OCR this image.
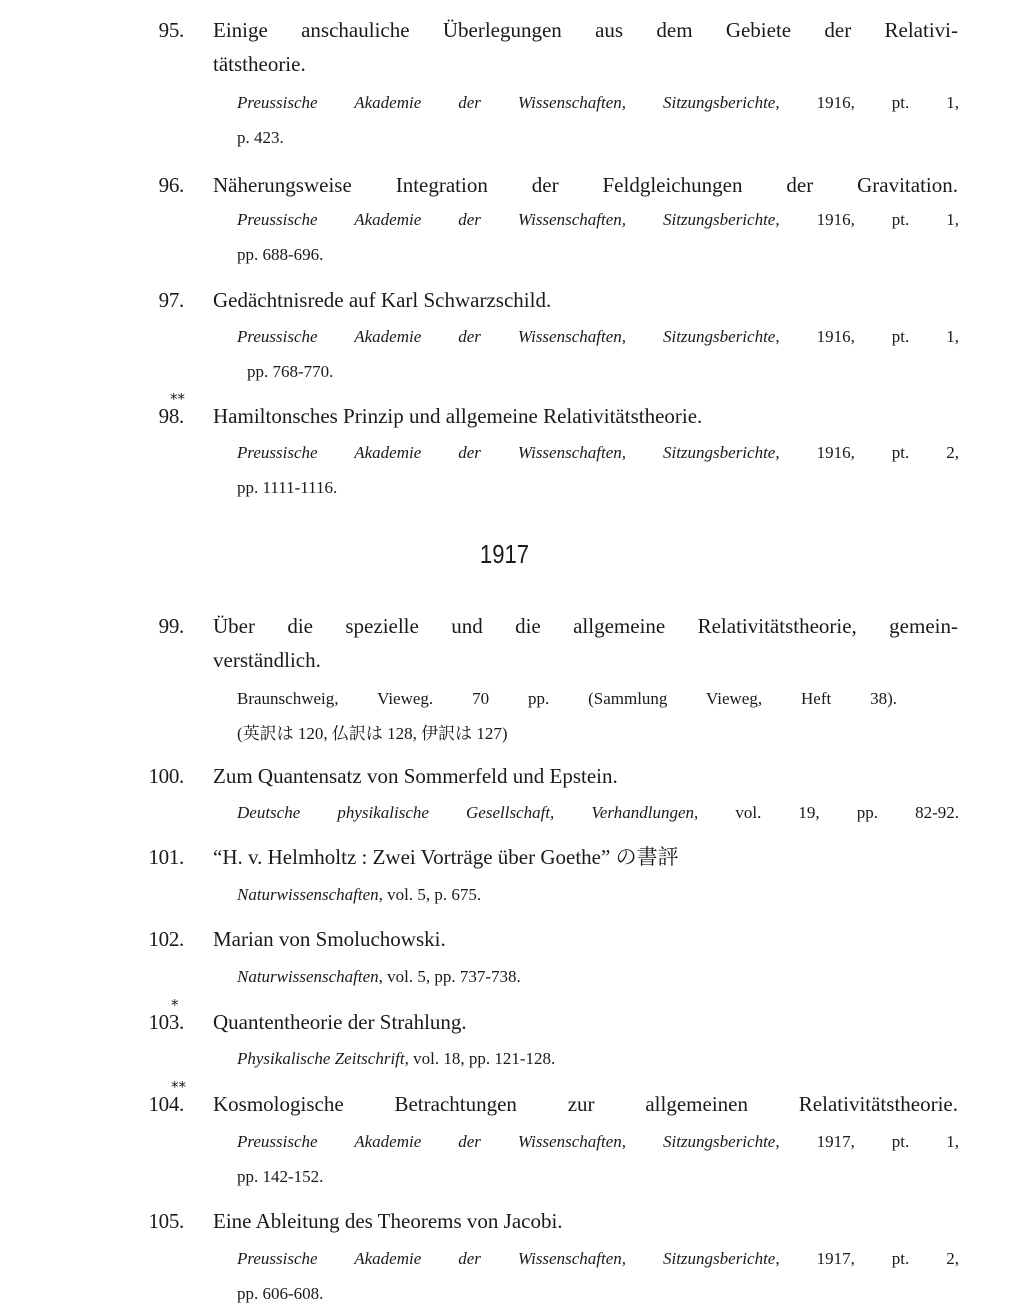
95. Einige anschauliche Überlegungen aus dem Gebiete der Relativi-
tätstheorie.
Preussische Akademie der Wissenschaften, Sitzungsberichte, 1916, pt. 1,
p. 423.
96. Näherungsweise Integration der Feldgleichungen der Gravitation.
Preussische Akademie der Wissenschaften, Sitzungsberichte, 1916, pt. 1,
pp. 688-696.
97. Gedächtnisrede auf Karl Schwarzschild.
Preussische Akademie der Wissenschaften, Sitzungsberichte, 1916, pt. 1,
pp. 768-770.
**
98. Hamiltonsches Prinzip und allgemeine Relativitätstheorie.
Preussische Akademie der Wissenschaften, Sitzungsberichte, 1916, pt. 2,
pp. 1111-1116.
1917
99. Über die spezielle und die allgemeine Relativitätstheorie, gemein-
verständlich.
Braunschweig, Vieweg. 70 pp. (Sammlung Vieweg, Heft 38).
(英訳は 120, 仏訳は 128, 伊訳は 127)
100. Zum Quantensatz von Sommerfeld und Epstein.
Deutsche physikalische Gesellschaft, Verhandlungen, vol. 19, pp. 82-92.
101. “H. v. Helmholtz : Zwei Vorträge über Goethe” の書評
Naturwissenschaften, vol. 5, p. 675.
102. Marian von Smoluchowski.
Naturwissenschaften, vol. 5, pp. 737-738.
*
103. Quantentheorie der Strahlung.
Physikalische Zeitschrift, vol. 18, pp. 121-128.
**
104. Kosmologische Betrachtungen zur allgemeinen Relativitätstheorie.
Preussische Akademie der Wissenschaften, Sitzungsberichte, 1917, pt. 1,
pp. 142-152.
105. Eine Ableitung des Theorems von Jacobi.
Preussische Akademie der Wissenschaften, Sitzungsberichte, 1917, pt. 2,
pp. 606-608.
